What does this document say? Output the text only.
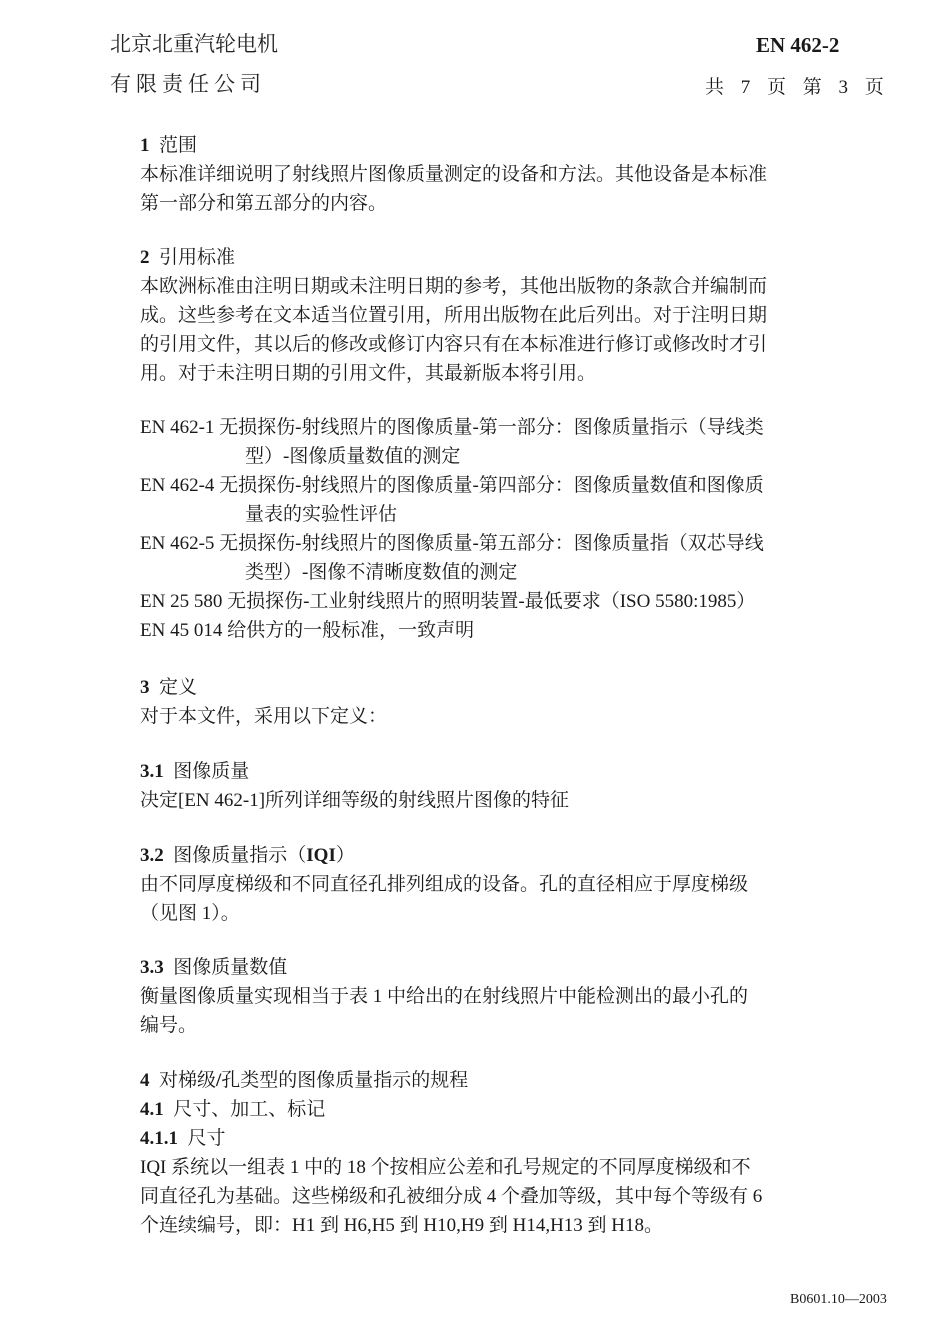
北京北重汽轮电机
有限责任公司
EN 462-2
共 7 页 第 3 页
1 范围
本标准详细说明了射线照片图像质量测定的设备和方法。其他设备是本标准
第一部分和第五部分的内容。
2 引用标准
本欧洲标准由注明日期或未注明日期的参考，其他出版物的条款合并编制而
成。这些参考在文本适当位置引用，所用出版物在此后列出。对于注明日期
的引用文件，其以后的修改或修订内容只有在本标准进行修订或修改时才引
用。对于未注明日期的引用文件，其最新版本将引用。
EN 462-1 无损探伤-射线照片的图像质量-第一部分：图像质量指示（导线类
型）-图像质量数值的测定
EN 462-4 无损探伤-射线照片的图像质量-第四部分：图像质量数值和图像质
量表的实验性评估
EN 462-5 无损探伤-射线照片的图像质量-第五部分：图像质量指（双芯导线
类型）-图像不清晰度数值的测定
EN 25 580 无损探伤-工业射线照片的照明装置-最低要求（ISO 5580:1985）
EN 45 014 给供方的一般标准，一致声明
3 定义
对于本文件，采用以下定义：
3.1 图像质量
决定[EN 462-1]所列详细等级的射线照片图像的特征
3.2 图像质量指示（IQI）
由不同厚度梯级和不同直径孔排列组成的设备。孔的直径相应于厚度梯级
（见图 1）。
3.3 图像质量数值
衡量图像质量实现相当于表 1 中给出的在射线照片中能检测出的最小孔的
编号。
4 对梯级/孔类型的图像质量指示的规程
4.1 尺寸、加工、标记
4.1.1 尺寸
IQI 系统以一组表 1 中的 18 个按相应公差和孔号规定的不同厚度梯级和不
同直径孔为基础。这些梯级和孔被细分成 4 个叠加等级，其中每个等级有 6
个连续编号，即：H1 到 H6,H5 到 H10,H9 到 H14,H13 到 H18。
B0601.10—2003
